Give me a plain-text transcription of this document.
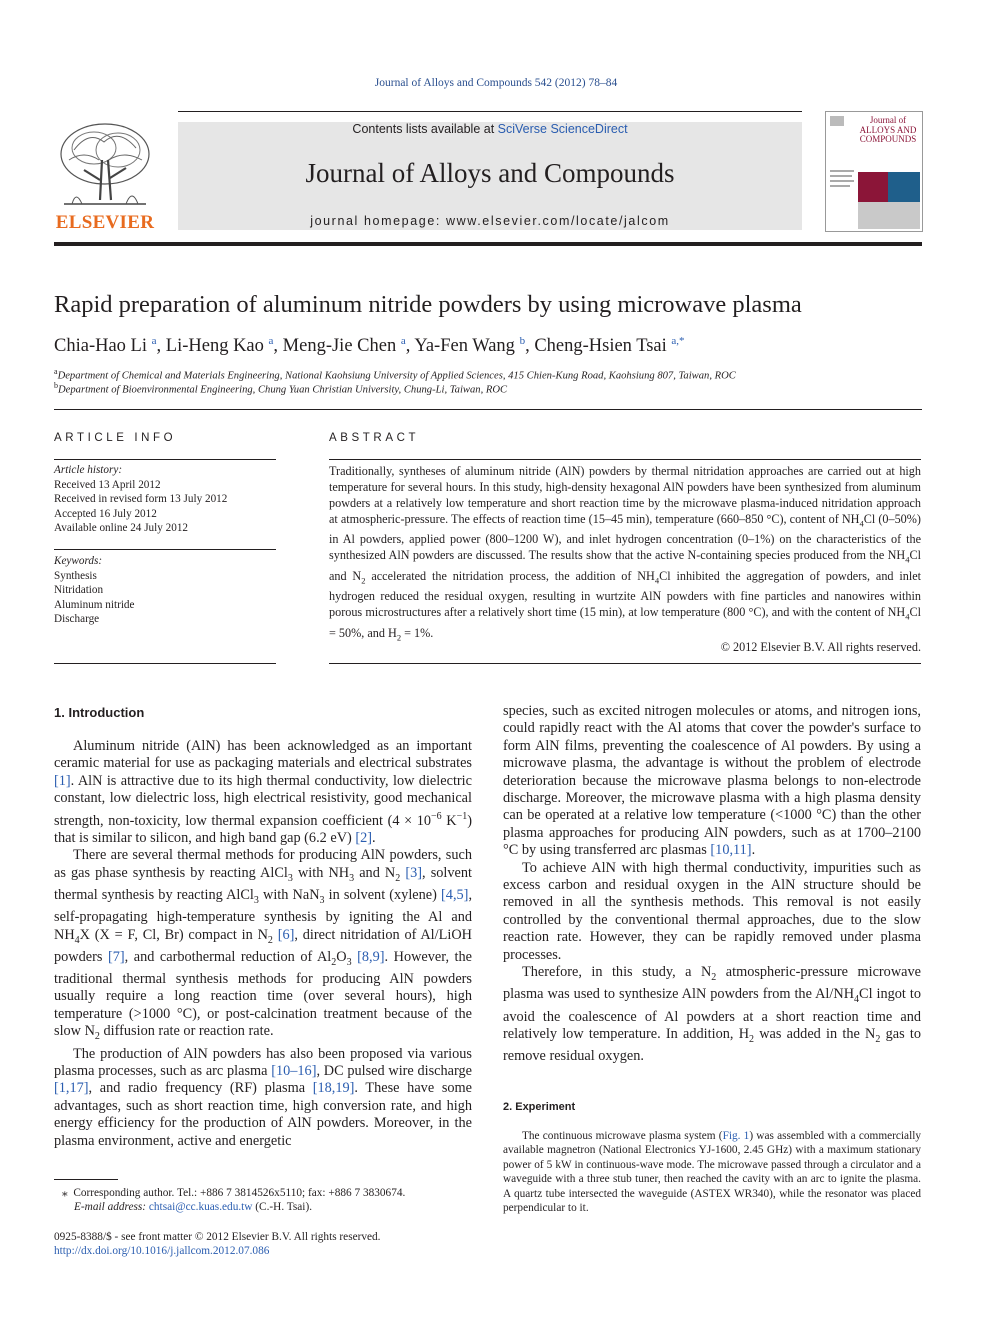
Journal of Alloys and Compounds 542 (2012) 78–84
ELSEVIER
Contents lists available at SciVerse ScienceDirect
Journal of Alloys and Compounds
journal homepage: www.elsevier.com/locate/jalcom
Journal of ALLOYS AND COMPOUNDS
Rapid preparation of aluminum nitride powders by using microwave plasma
Chia-Hao Li $^a$, Li-Heng Kao $^a$, Meng-Jie Chen $^a$, Ya-Fen Wang $^b$, Cheng-Hsien Tsai $^{a,*}$
$^a$Department of Chemical and Materials Engineering, National Kaohsiung University of Applied Sciences, 415 Chien-Kung Road, Kaohsiung 807, Taiwan, ROC
$^b$Department of Bioenvironmental Engineering, Chung Yuan Christian University, Chung-Li, Taiwan, ROC
ARTICLE INFO
Article history:
Received 13 April 2012
Received in revised form 13 July 2012
Accepted 16 July 2012
Available online 24 July 2012
Keywords:
Synthesis
Nitridation
Aluminum nitride
Discharge
ABSTRACT
Traditionally, syntheses of aluminum nitride (AlN) powders by thermal nitridation approaches are carried out at high temperature for several hours. In this study, high-density hexagonal AlN powders have been synthesized from aluminum powders at a relatively low temperature and short reaction time by the microwave plasma-induced nitridation approach at atmospheric-pressure. The effects of reaction time (15–45 min), temperature (660–850 °C), content of $NH_4Cl$ (0–50%) in Al powders, applied power (800–1200 W), and inlet hydrogen concentration (0–1%) on the characteristics of the synthesized AlN powders are discussed. The results show that the active N-containing species produced from the $NH_4Cl$ and $N_2$ accelerated the nitridation process, the addition of $NH_4Cl$ inhibited the aggregation of powders, and inlet hydrogen reduced the residual oxygen, resulting in wurtzite AlN powders with fine particles and nanowires within porous microstructures after a relatively short time (15 min), at low temperature (800 °C), and with the content of $NH_4Cl = 50\%$, and $H_2 = 1\%$.
© 2012 Elsevier B.V. All rights reserved.
1. Introduction

Aluminum nitride (AlN) has been acknowledged as an important ceramic material for use as packaging materials and electrical substrates [1]. AlN is attractive due to its high thermal conductivity, low dielectric constant, low dielectric loss, high electrical resistivity, good mechanical strength, non-toxicity, low thermal expansion coefficient ($4 \times 10^{-6}$ $K^{-1}$) that is similar to silicon, and high band gap (6.2 eV) [2].

There are several thermal methods for producing AlN powders, such as gas phase synthesis by reacting AlCl$_3$ with $NH_3$ and $N_2$ [3], solvent thermal synthesis by reacting AlCl$_3$ with NaN$_3$ in solvent (xylene) [4,5], self-propagating high-temperature synthesis by igniting the Al and $NH_4X$ (X = F, Cl, Br) compact in $N_2$ [6], direct nitridation of Al/LiOH powders [7], and carbothermal reduction of $Al_2O_3$ [8,9]. However, the traditional thermal synthesis methods for producing AlN powders usually require a long reaction time (over several hours), high temperature (>1000 °C), or post-calcination treatment because of the slow $N_2$ diffusion rate or reaction rate.

The production of AlN powders has also been proposed via various plasma processes, such as arc plasma [10–16], DC pulsed wire discharge [1,17], and radio frequency (RF) plasma [18,19]. These have some advantages, such as short reaction time, high conversion rate, and high energy efficiency for the production of AlN powders. Moreover, in the plasma environment, active and energetic

species, such as excited nitrogen molecules or atoms, and nitrogen ions, could rapidly react with the Al atoms that cover the powder's surface to form AlN films, preventing the coalescence of Al powders. By using a microwave plasma, the advantage is without the problem of electrode deterioration because the microwave plasma belongs to non-electrode discharge. Moreover, the microwave plasma with a high plasma density can be operated at a relative low temperature (<1000 °C) than the other plasma approaches for producing AlN powders, such as at 1700–2100 °C by using transferred arc plasmas [10,11].

To achieve AlN with high thermal conductivity, impurities such as excess carbon and residual oxygen in the AlN structure should be removed in all the synthesis methods. This removal is not easily controlled by the conventional thermal approaches, due to the slow reaction rate. However, they can be rapidly removed under plasma processes.

Therefore, in this study, a $N_2$ atmospheric-pressure microwave plasma was used to synthesize AlN powders from the $Al/NH_4Cl$ ingot to avoid the coalescence of Al powders at a short reaction time and relatively low temperature. In addition, $H_2$ was added in the $N_2$ gas to remove residual oxygen.

2. Experiment

The continuous microwave plasma system (Fig. 1) was assembled with a commercially available magnetron (National Electronics YJ-1600, 2.45 GHz) with a maximum stationary power of 5 kW in continuous-wave mode. The microwave passed through a circulator and a waveguide with a three stub tuner, then reached the cavity with an arc to ignite the plasma. A quartz tube intersected the waveguide (ASTEX WR340), while the resonator was placed perpendicular to it.

⁎ Corresponding author. Tel.: +886 7 3814526x5110; fax: +886 7 3830674.
E-mail address: chtsai@cc.kuas.edu.tw (C.-H. Tsai).
0925-8388/$ - see front matter © 2012 Elsevier B.V. All rights reserved.
http://dx.doi.org/10.1016/j.jallcom.2012.07.086
